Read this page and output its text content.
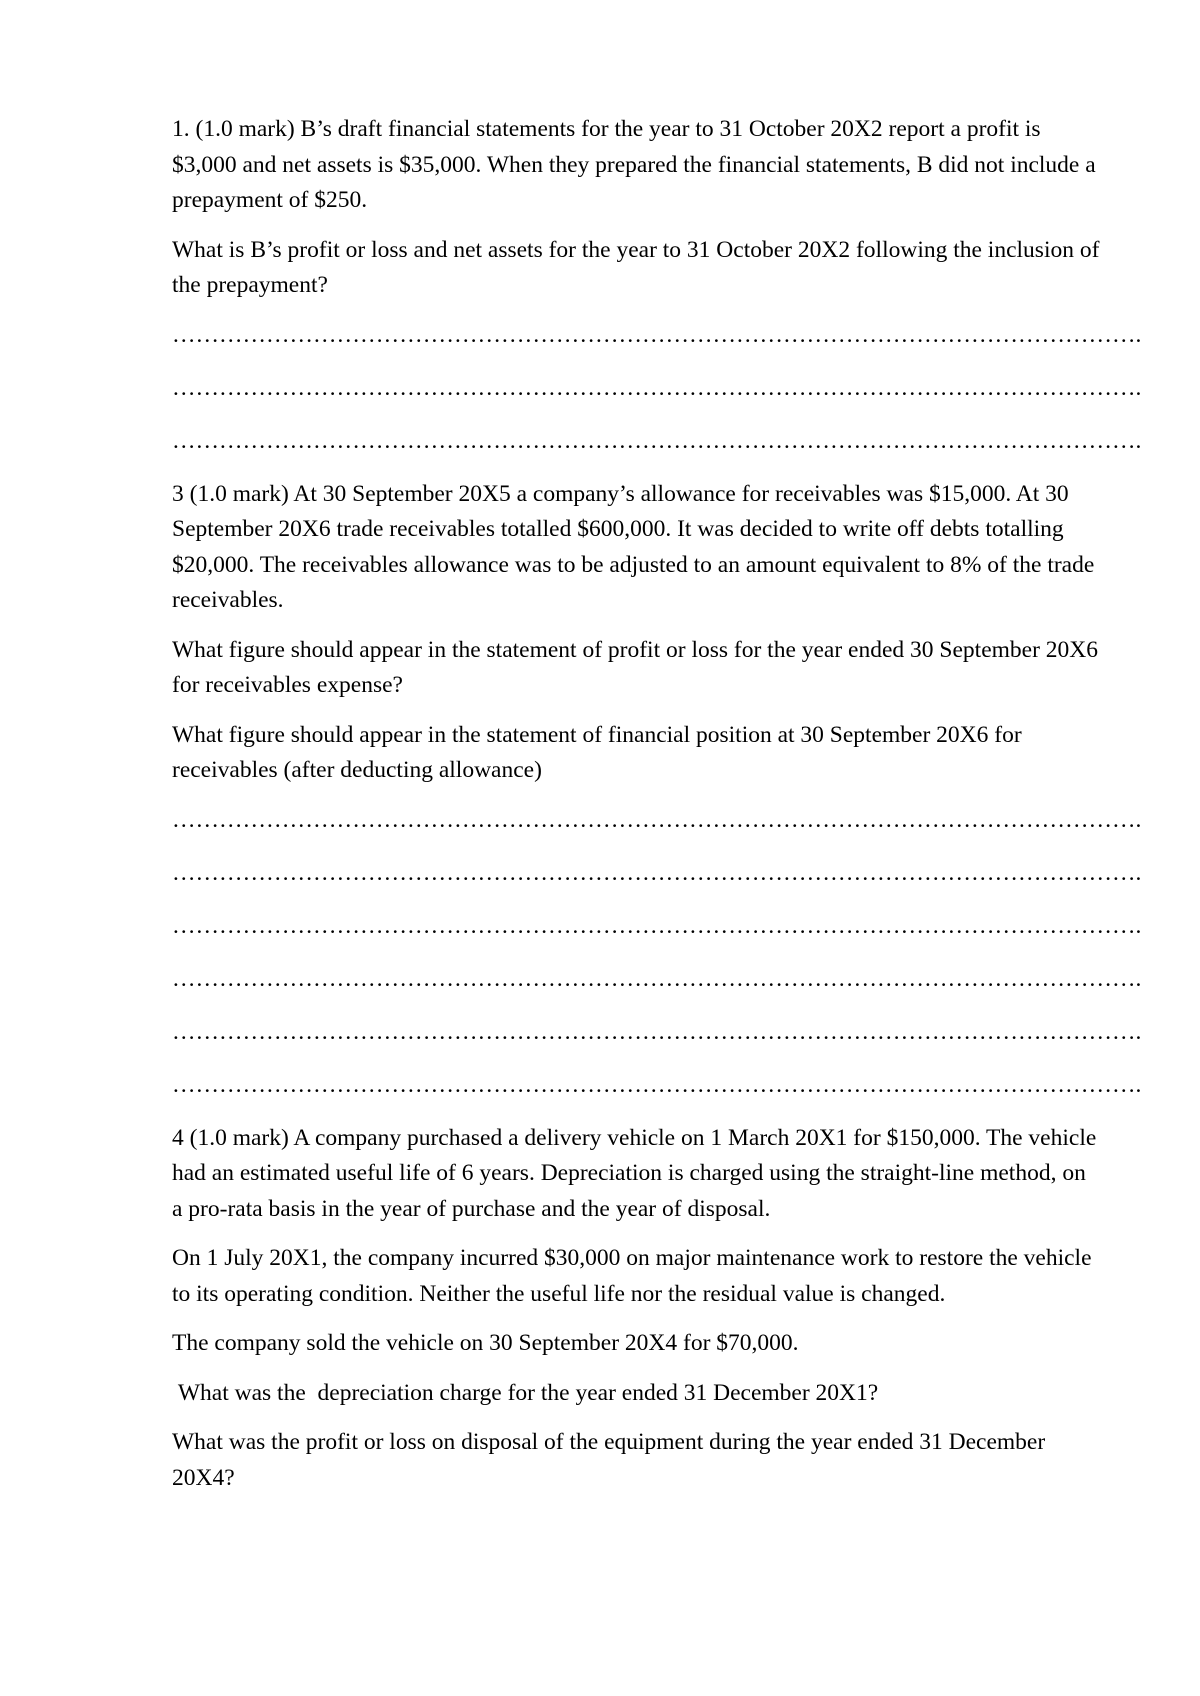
1. (1.0 mark) B’s draft financial statements for the year to 31 October 20X2 report a profit is $3,000 and net assets is $35,000. When they prepared the financial statements, B did not include a prepayment of $250.

What is B’s profit or loss and net assets for the year to 31 October 20X2 following the inclusion of the prepayment?

…………………………………………………………………………………………………………….
…………………………………………………………………………………………………………….
…………………………………………………………………………………………………………….

3 (1.0 mark) At 30 September 20X5 a company’s allowance for receivables was $15,000. At 30 September 20X6 trade receivables totalled $600,000. It was decided to write off debts totalling $20,000. The receivables allowance was to be adjusted to an amount equivalent to 8% of the trade receivables.

What figure should appear in the statement of profit or loss for the year ended 30 September 20X6 for receivables expense?

What figure should appear in the statement of financial position at 30 September 20X6 for receivables (after deducting allowance)

…………………………………………………………………………………………………………….
…………………………………………………………………………………………………………….
…………………………………………………………………………………………………………….
…………………………………………………………………………………………………………….
…………………………………………………………………………………………………………….
…………………………………………………………………………………………………………….

4 (1.0 mark) A company purchased a delivery vehicle on 1 March 20X1 for $150,000. The vehicle had an estimated useful life of 6 years. Depreciation is charged using the straight-line method, on a pro-rata basis in the year of purchase and the year of disposal.

On 1 July 20X1, the company incurred $30,000 on major maintenance work to restore the vehicle to its operating condition. Neither the useful life nor the residual value is changed.

The company sold the vehicle on 30 September 20X4 for $70,000.

What was the  depreciation charge for the year ended 31 December 20X1?

What was the profit or loss on disposal of the equipment during the year ended 31 December 20X4?
